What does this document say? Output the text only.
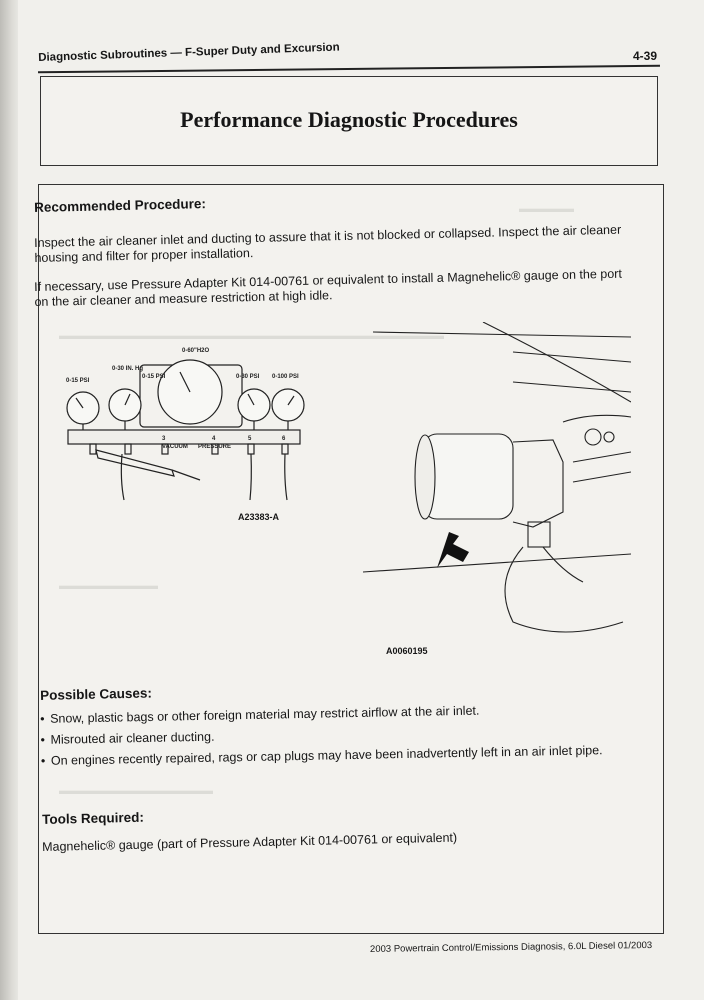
Diagnostic Subroutines — F-Super Duty and Excursion	4-39
Performance Diagnostic Procedures
▬▬▬▬▬
▬▬▬▬▬▬▬▬▬▬▬▬▬▬▬▬▬▬▬▬▬▬▬▬▬▬▬▬▬▬▬▬▬▬▬
▬▬▬▬▬▬▬▬▬
▬▬▬▬▬▬▬▬▬▬▬▬▬▬
Recommended Procedure:
Inspect the air cleaner inlet and ducting to assure that it is not blocked or collapsed. Inspect the air cleaner housing and filter for proper installation.
If necessary, use Pressure Adapter Kit 014-00761 or equivalent to install a Magnehelic® gauge on the port on the air cleaner and measure restriction at high idle.
0-15 PSI
0-30 IN. Hg
0-15 PSI
0-60"H2O
0-30 PSI 0-100 PSI
3	4	5	6
VACUUM PRESSURE
A23383-A
A0060195
Possible Causes:
• Snow, plastic bags or other foreign material may restrict airflow at the air inlet.
• Misrouted air cleaner ducting.
• On engines recently repaired, rags or cap plugs may have been inadvertently left in an air inlet pipe.
Tools Required:
Magnehelic® gauge (part of Pressure Adapter Kit 014-00761 or equivalent)
2003 Powertrain Control/Emissions Diagnosis, 6.0L Diesel 01/2003
